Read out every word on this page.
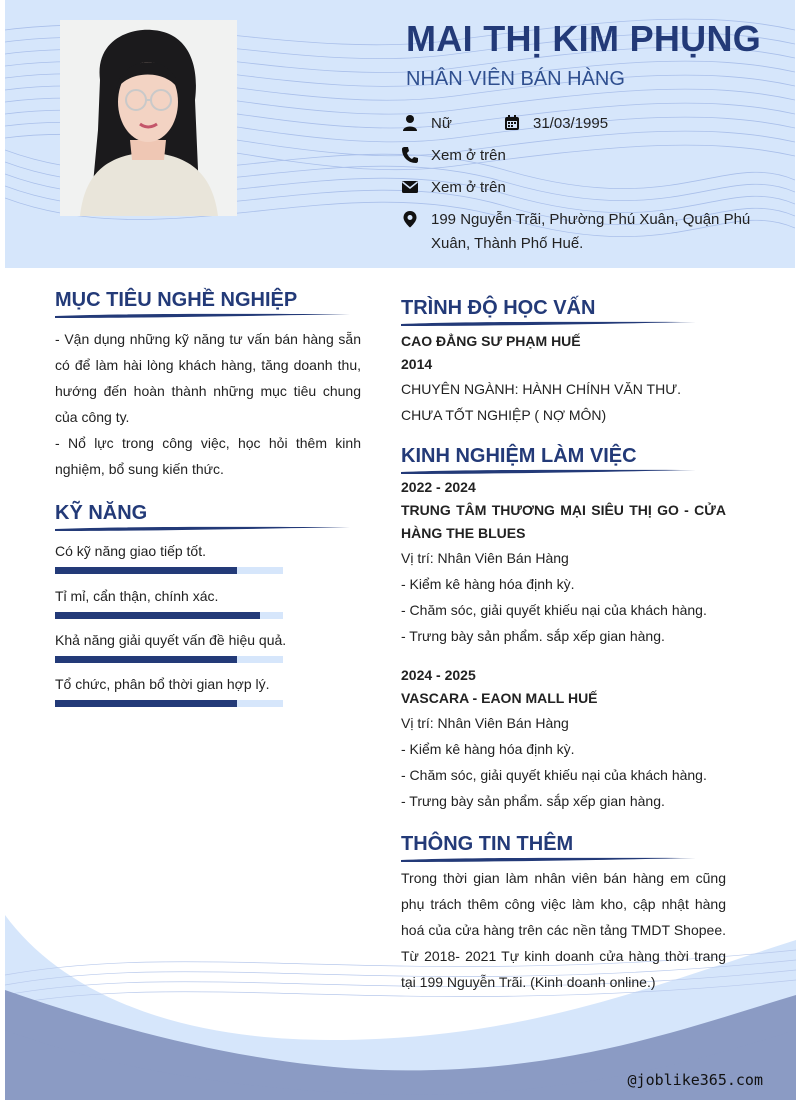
MAI THỊ KIM PHỤNG
NHÂN VIÊN BÁN HÀNG
Nữ	31/03/1995
Xem ở trên
Xem ở trên
199 Nguyễn Trãi, Phường Phú Xuân, Quận Phú
Xuân, Thành Phố Huế.
MỤC TIÊU NGHỀ NGHIỆP

- Vận dụng những kỹ năng tư vấn bán hàng sẵn có để làm hài lòng khách hàng, tăng doanh thu, hướng đến hoàn thành những mục tiêu chung của công ty.

- Nổ lực trong công việc, học hỏi thêm kinh nghiệm, bổ sung kiến thức.

KỸ NĂNG
Có kỹ năng giao tiếp tốt.
Tỉ mỉ, cẩn thận, chính xác.
Khả năng giải quyết vấn đề hiệu quả.
Tổ chức, phân bổ thời gian hợp lý.
TRÌNH ĐỘ HỌC VẤN
CAO ĐẲNG SƯ PHẠM HUẾ
2014
CHUYÊN NGÀNH: HÀNH CHÍNH VĂN THƯ.
CHƯA TỐT NGHIỆP ( NỢ MÔN)
KINH NGHIỆM LÀM VIỆC
2022 - 2024
TRUNG TÂM THƯƠNG MẠI SIÊU THỊ GO - CỬA HÀNG THE BLUES
Vị trí: Nhân Viên Bán Hàng
- Kiểm kê hàng hóa định kỳ.
- Chăm sóc, giải quyết khiếu nại của khách hàng.
- Trưng bày sản phẩm. sắp xếp gian hàng.
2024 - 2025
VASCARA - EAON MALL HUẾ
Vị trí: Nhân Viên Bán Hàng
- Kiểm kê hàng hóa định kỳ.
- Chăm sóc, giải quyết khiếu nại của khách hàng.
- Trưng bày sản phẩm. sắp xếp gian hàng.
THÔNG TIN THÊM
Trong thời gian làm nhân viên bán hàng em cũng phụ trách thêm công việc làm kho, cập nhật hàng hoá của cửa hàng trên các nền tảng TMDT Shopee. Từ 2018- 2021 Tự kinh doanh cửa hàng thời trang tại 199 Nguyễn Trãi. (Kinh doanh online.)
@joblike365.com
